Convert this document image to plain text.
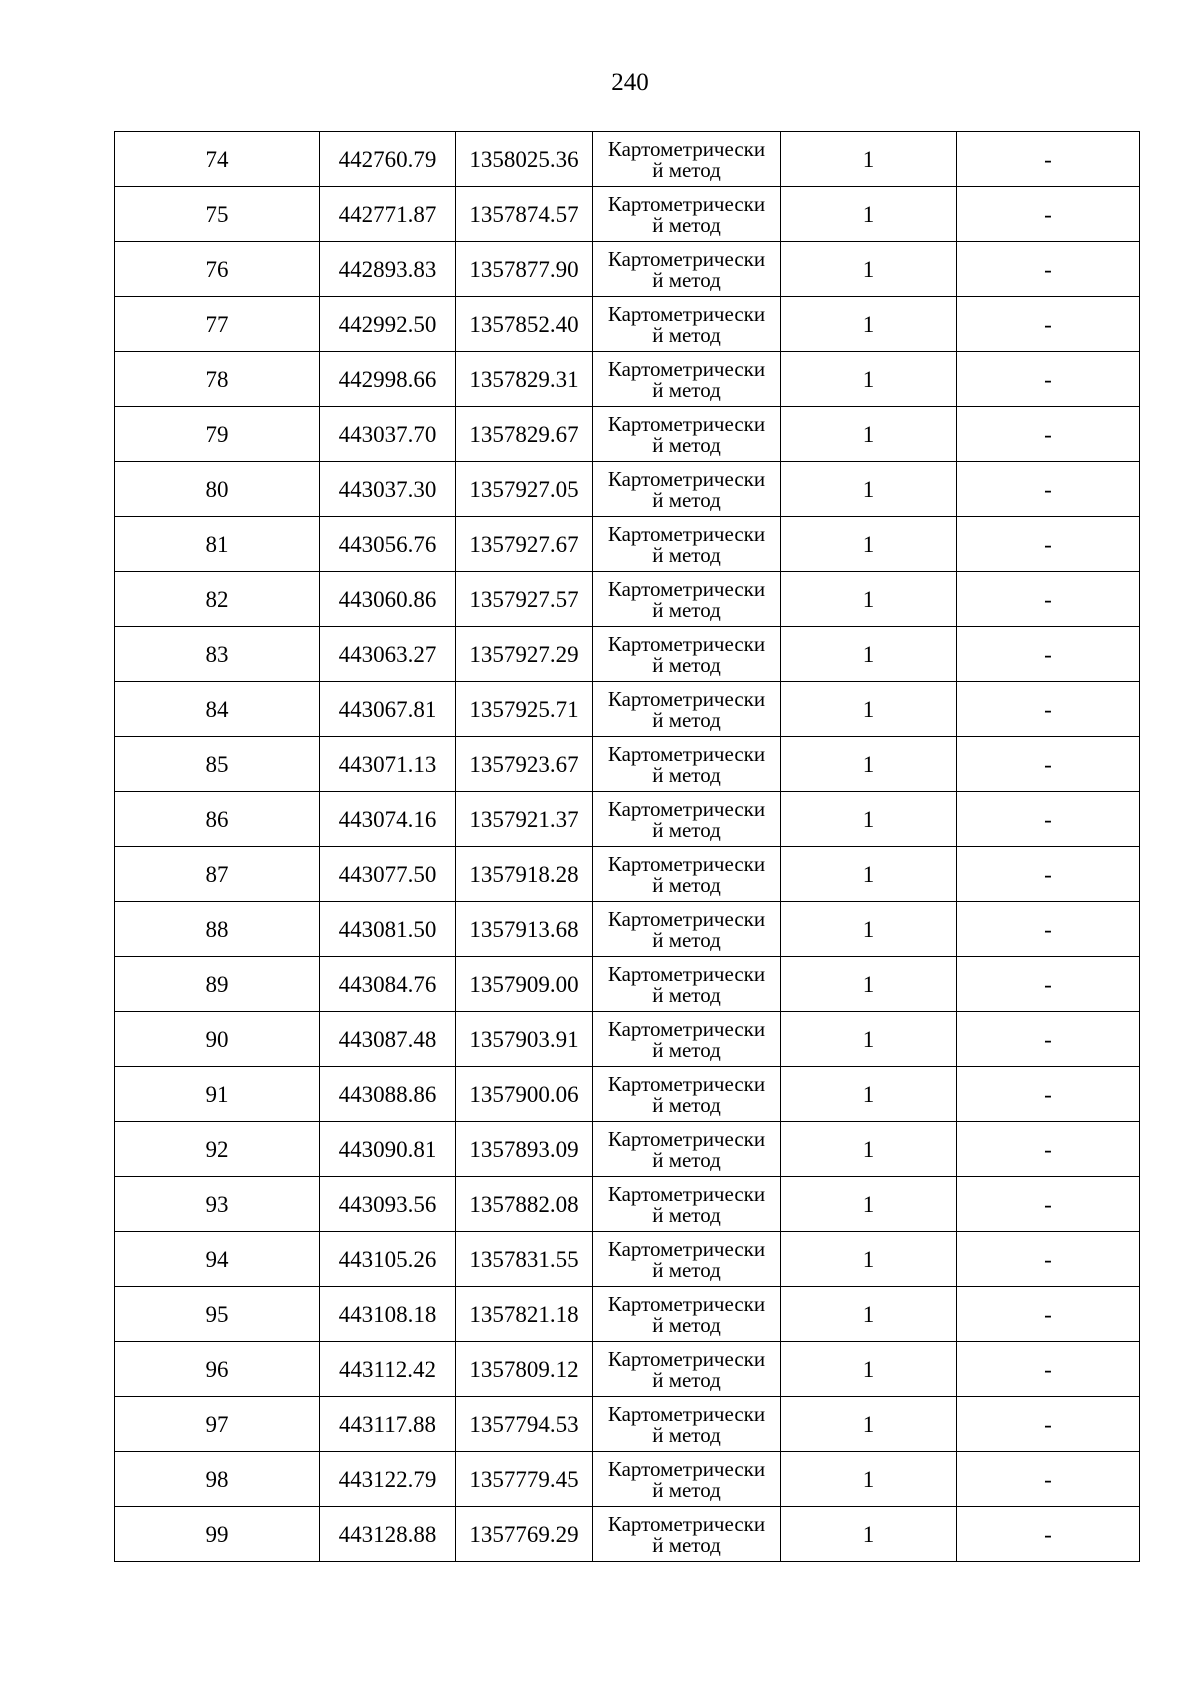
240
74	442760.79	1358025.36	Картометрически
й метод	1	-
75	442771.87	1357874.57	Картометрически
й метод	1	-
76	442893.83	1357877.90	Картометрически
й метод	1	-
77	442992.50	1357852.40	Картометрически
й метод	1	-
78	442998.66	1357829.31	Картометрически
й метод	1	-
79	443037.70	1357829.67	Картометрически
й метод	1	-
80	443037.30	1357927.05	Картометрически
й метод	1	-
81	443056.76	1357927.67	Картометрически
й метод	1	-
82	443060.86	1357927.57	Картометрически
й метод	1	-
83	443063.27	1357927.29	Картометрически
й метод	1	-
84	443067.81	1357925.71	Картометрически
й метод	1	-
85	443071.13	1357923.67	Картометрически
й метод	1	-
86	443074.16	1357921.37	Картометрически
й метод	1	-
87	443077.50	1357918.28	Картометрически
й метод	1	-
88	443081.50	1357913.68	Картометрически
й метод	1	-
89	443084.76	1357909.00	Картометрически
й метод	1	-
90	443087.48	1357903.91	Картометрически
й метод	1	-
91	443088.86	1357900.06	Картометрически
й метод	1	-
92	443090.81	1357893.09	Картометрически
й метод	1	-
93	443093.56	1357882.08	Картометрически
й метод	1	-
94	443105.26	1357831.55	Картометрически
й метод	1	-
95	443108.18	1357821.18	Картометрически
й метод	1	-
96	443112.42	1357809.12	Картометрически
й метод	1	-
97	443117.88	1357794.53	Картометрически
й метод	1	-
98	443122.79	1357779.45	Картометрически
й метод	1	-
99	443128.88	1357769.29	Картометрически
й метод	1	-
